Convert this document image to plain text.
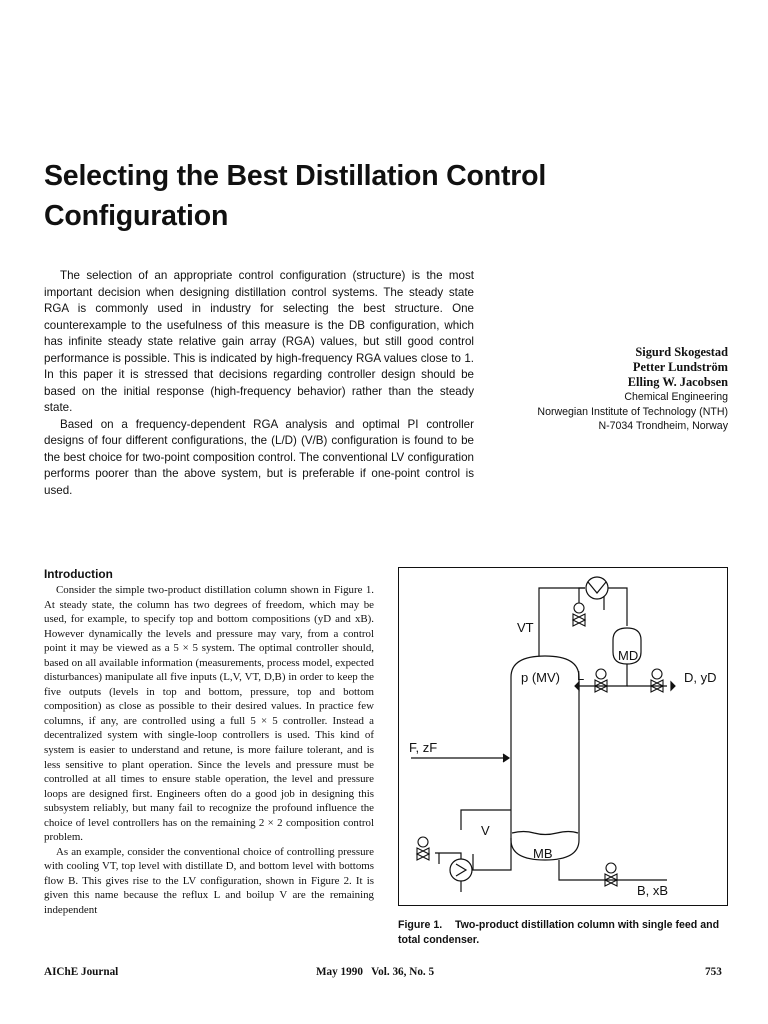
Selecting the Best Distillation Control Configuration

The selection of an appropriate control configuration (structure) is the most important decision when designing distillation control systems. The steady state RGA is commonly used in industry for selecting the best structure. One counterexample to the usefulness of this measure is the DB configuration, which has infinite steady state relative gain array (RGA) values, but still good control performance is possible. This is indicated by high-frequency RGA values close to 1. In this paper it is stressed that decisions regarding controller design should be based on the initial response (high-frequency behavior) rather than the steady state.

Based on a frequency-dependent RGA analysis and optimal PI controller designs of four different configurations, the (L/D) (V/B) configuration is found to be the best choice for two-point composition control. The conventional LV configuration performs poorer than the above system, but is preferable if one-point control is used.

Sigurd Skogestad
Petter Lundström
Elling W. Jacobsen
Chemical Engineering
Norwegian Institute of Technology (NTH)
N-7034 Trondheim, Norway
Introduction

Consider the simple two-product distillation column shown in Figure 1. At steady state, the column has two degrees of freedom, which may be used, for example, to specify top and bottom compositions (yD and xB). However dynamically the levels and pressure may vary, from a control point it may be viewed as a 5 × 5 system. The optimal controller should, based on all available information (measurements, process model, expected disturbances) manipulate all five inputs (L,V, VT, D,B) in order to keep the five outputs (levels in top and bottom, pressure, top and bottom composition) as close as possible to their desired values. In practice few columns, if any, are controlled using a full 5 × 5 controller. Instead a decentralized system with single-loop controllers is used. This kind of system is easier to understand and retune, is more failure tolerant, and is less sensitive to plant operation. Since the levels and pressure must be controlled at all times to ensure stable operation, the level and pressure loops are designed first. Engineers often do a good job in designing this subsystem reliably, but many fail to recognize the profound influence the choice of level controllers has on the remaining 2 × 2 composition control problem.

As an example, consider the conventional choice of controlling pressure with cooling VT, top level with distillate D, and bottom level with bottoms flow B. This gives rise to the LV configuration, shown in Figure 2. It is given this name because the reflux L and boilup V are the remaining independent

VT
MD
p (MV) L	D, yD
F, zF
V
MB
B, xB
Figure 1. Two-product distillation column with single feed and total condenser.
AIChE Journal	May 1990   Vol. 36, No. 5	753
